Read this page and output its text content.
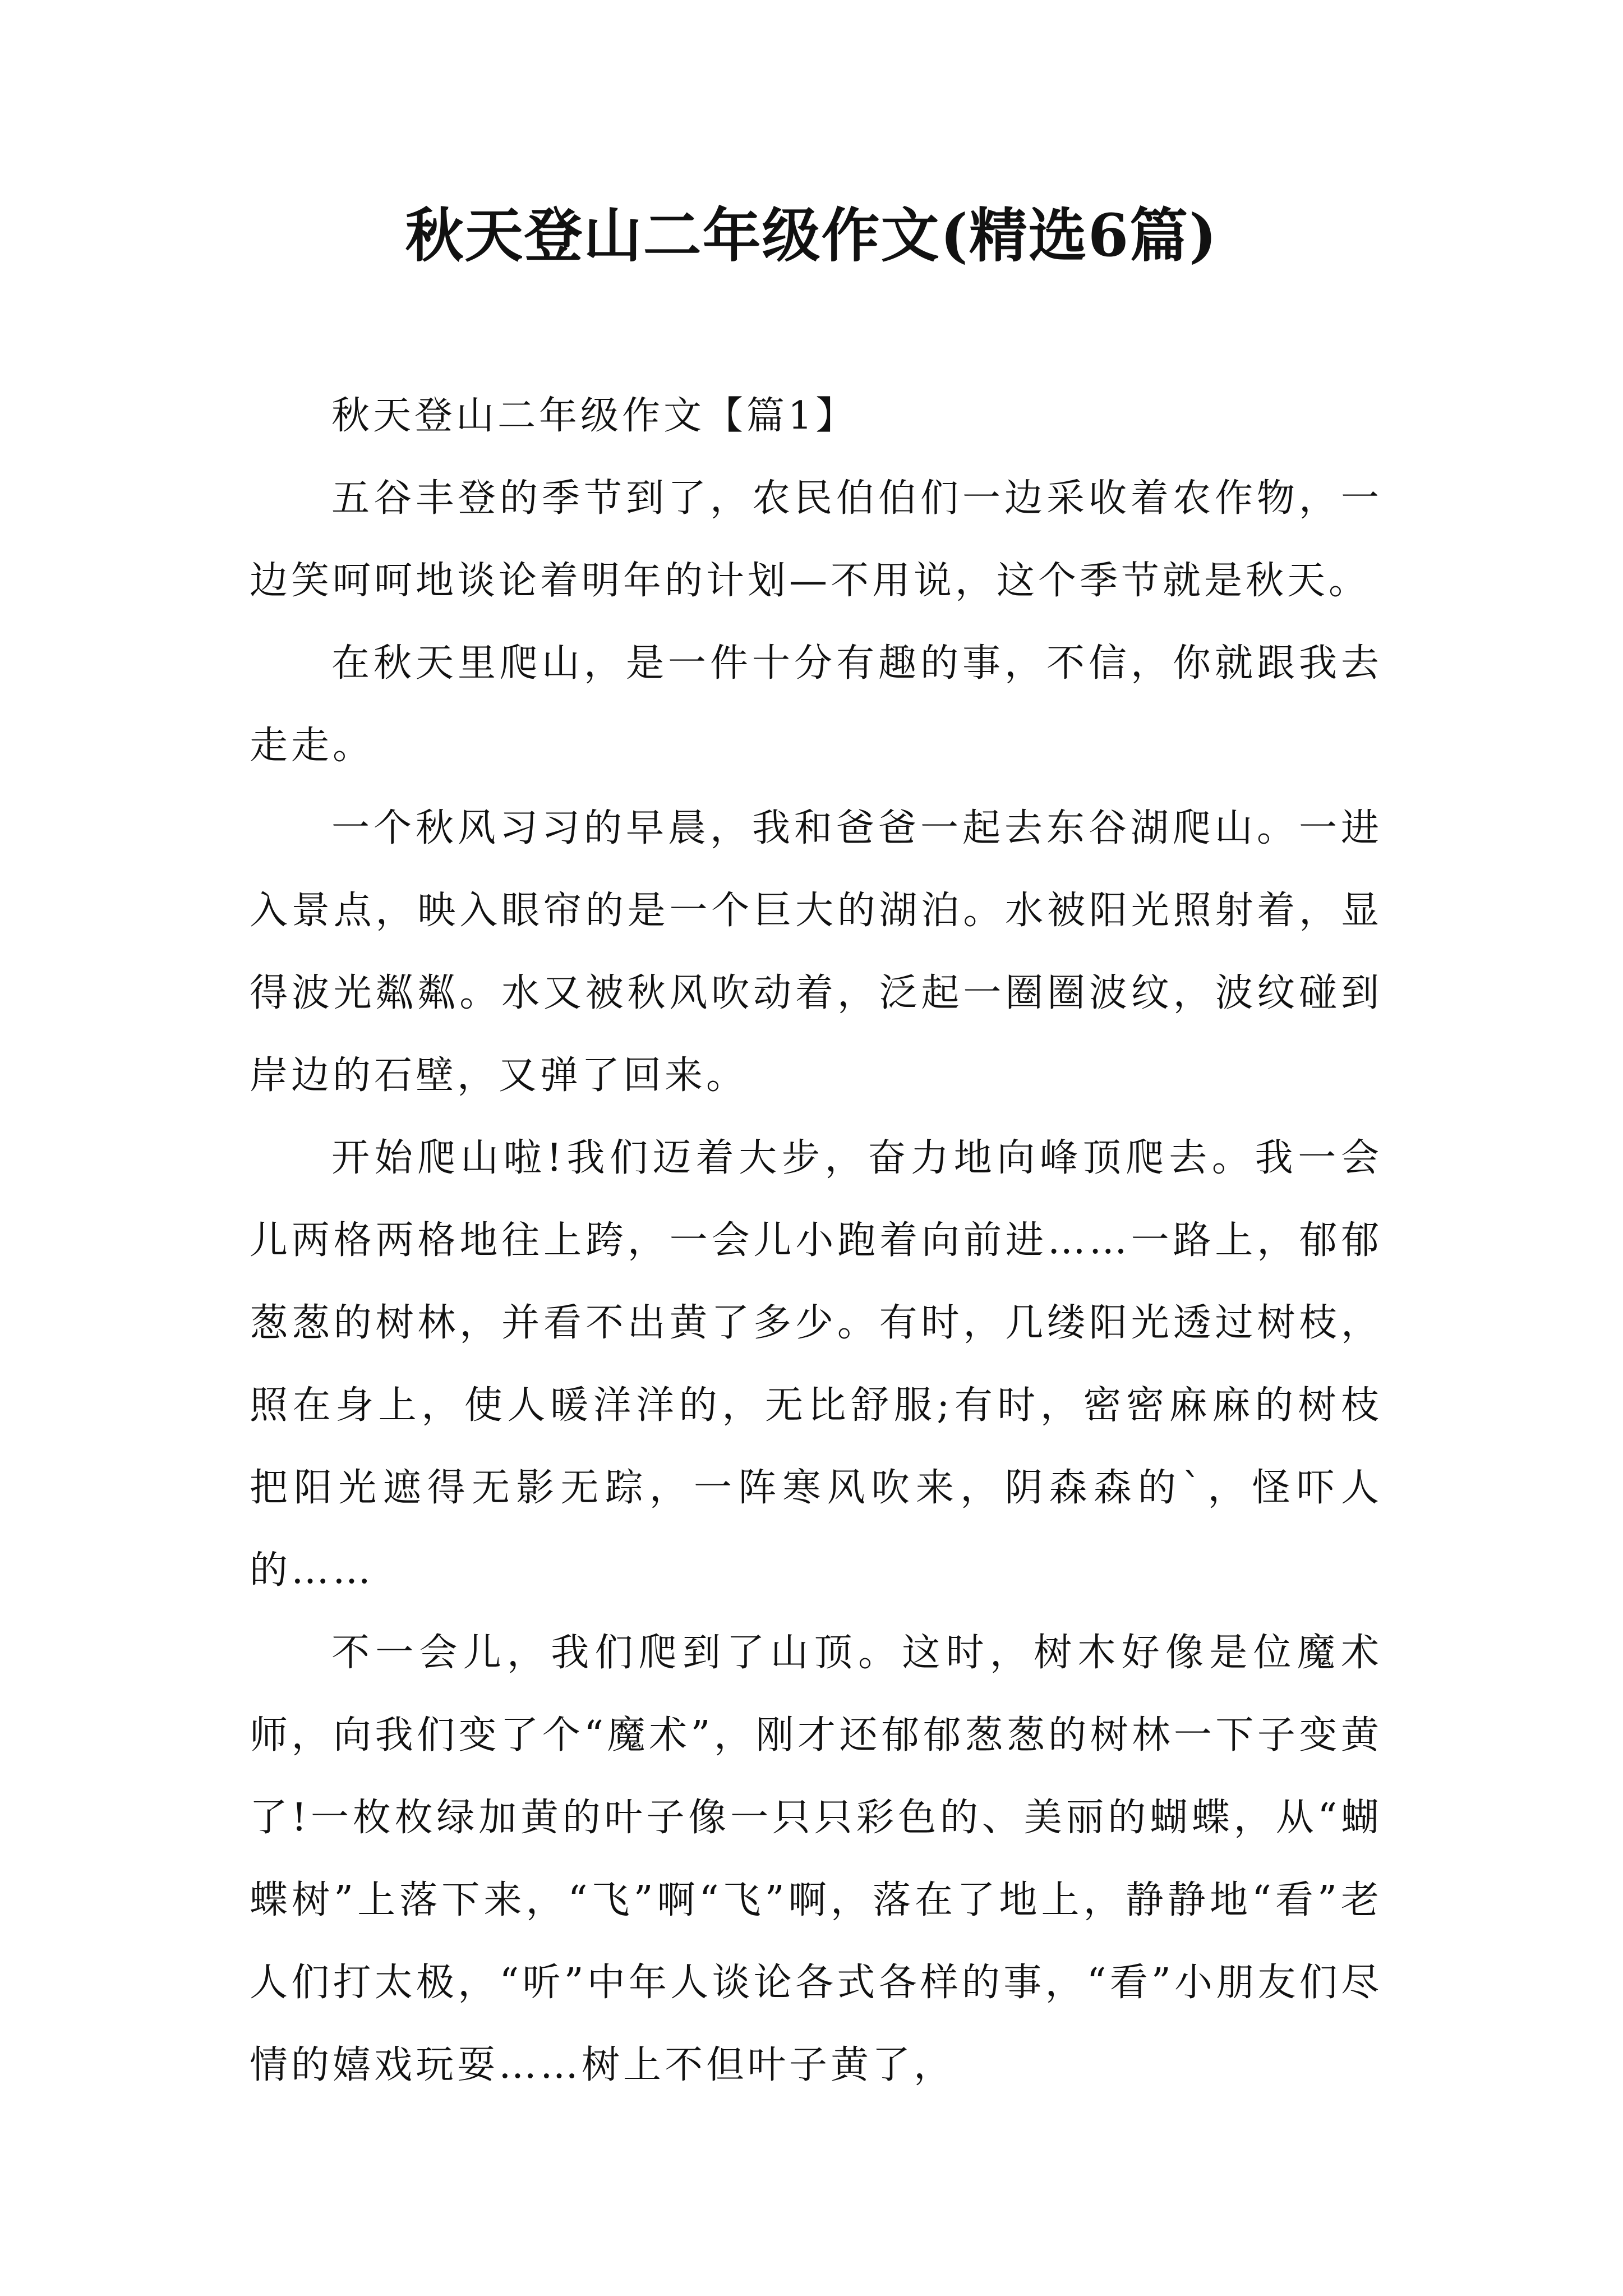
秋天登山二年级作文(精选6篇)

秋天登山二年级作文【篇1】

五谷丰登的季节到了，农民伯伯们一边采收着农作物，一边笑呵呵地谈论着明年的计划—不用说，这个季节就是秋天。

在秋天里爬山，是一件十分有趣的事，不信，你就跟我去走走。

一个秋风习习的早晨，我和爸爸一起去东谷湖爬山。一进入景点，映入眼帘的是一个巨大的湖泊。水被阳光照射着，显得波光粼粼。水又被秋风吹动着，泛起一圈圈波纹，波纹碰到岸边的石壁，又弹了回来。

开始爬山啦!我们迈着大步，奋力地向峰顶爬去。我一会儿两格两格地往上跨，一会儿小跑着向前进……一路上，郁郁葱葱的树林，并看不出黄了多少。有时，几缕阳光透过树枝，照在身上，使人暖洋洋的，无比舒服;有时，密密麻麻的树枝把阳光遮得无影无踪，一阵寒风吹来，阴森森的`，怪吓人的……

不一会儿，我们爬到了山顶。这时，树木好像是位魔术师，向我们变了个“魔术”，刚才还郁郁葱葱的树林一下子变黄了!一枚枚绿加黄的叶子像一只只彩色的、美丽的蝴蝶，从“蝴蝶树”上落下来，“飞”啊“飞”啊，落在了地上，静静地“看”老人们打太极，“听”中年人谈论各式各样的事，“看”小朋友们尽情的嬉戏玩耍……树上不但叶子黄了，
